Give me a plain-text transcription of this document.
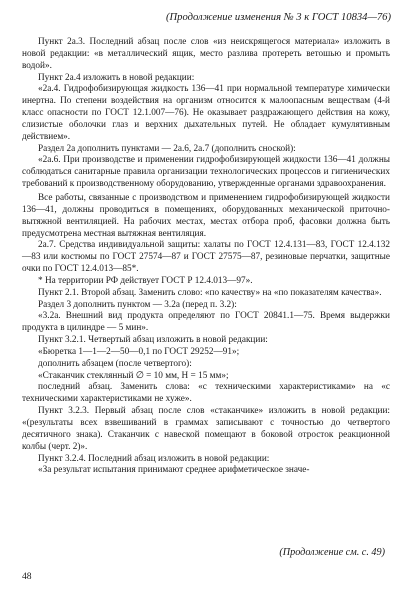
(Продолжение изменения № 3 к ГОСТ 10834—76)

Пункт 2а.3. Последний абзац после слов «из неискрящегося материала» изложить в новой редакции: «в металлический ящик, место разлива протереть ветошью и промыть водой».

Пункт 2а.4 изложить в новой редакции:

«2а.4. Гидрофобизирующая жидкость 136—41 при нормальной температуре химически инертна. По степени воздействия на организм относится к малоопасным веществам (4-й класс опасности по ГОСТ 12.1.007—76). Не оказывает раздражающего действия на кожу, слизистые оболочки глаз и верхних дыхательных путей. Не обладает кумулятивным действием».

Раздел 2а дополнить пунктами — 2а.6, 2а.7 (дополнить сноской):

«2а.6. При производстве и применении гидрофобизирующей жидкости 136—41 должны соблюдаться санитарные правила организации технологических процессов и гигиенических требований к производственному оборудованию, утвержденные органами здравоохранения.

Все работы, связанные с производством и применением гидрофобизирующей жидкости 136—41, должны проводиться в помещениях, оборудованных механической приточно-вытяжной вентиляцией. На рабочих местах, местах отбора проб, фасовки должна быть предусмотрена местная вытяжная вентиляция.

2а.7. Средства индивидуальной защиты: халаты по ГОСТ 12.4.131—83, ГОСТ 12.4.132—83 или костюмы по ГОСТ 27574—87 и ГОСТ 27575—87, резиновые перчатки, защитные очки по ГОСТ 12.4.013—85*.

* На территории РФ действует ГОСТ Р 12.4.013—97».

Пункт 2.1. Второй абзац. Заменить слово: «по качеству» на «по показателям качества».

Раздел 3 дополнить пунктом — 3.2а (перед п. 3.2):

«3.2а. Внешний вид продукта определяют по ГОСТ 20841.1—75. Время выдержки продукта в цилиндре — 5 мин».

Пункт 3.2.1. Четвертый абзац изложить в новой редакции:

«Бюретка 1—1—2—50—0,1 по ГОСТ 29252—91»;

дополнить абзацем (после четвертого):

«Стаканчик стеклянный ∅ = 10 мм, Н = 15 мм»;

последний абзац. Заменить слова: «с техническими характеристиками» на «с техническими характеристиками не хуже».

Пункт 3.2.3. Первый абзац после слов «стаканчике» изложить в новой редакции: «(результаты всех взвешиваний в граммах записывают с точностью до четвертого десятичного знака). Стаканчик с навеской помещают в боковой отросток реакционной колбы (черт. 2)».

Пункт 3.2.4. Последний абзац изложить в новой редакции:

«За результат испытания принимают среднее арифметическое значе-

(Продолжение см. с. 49)
48
